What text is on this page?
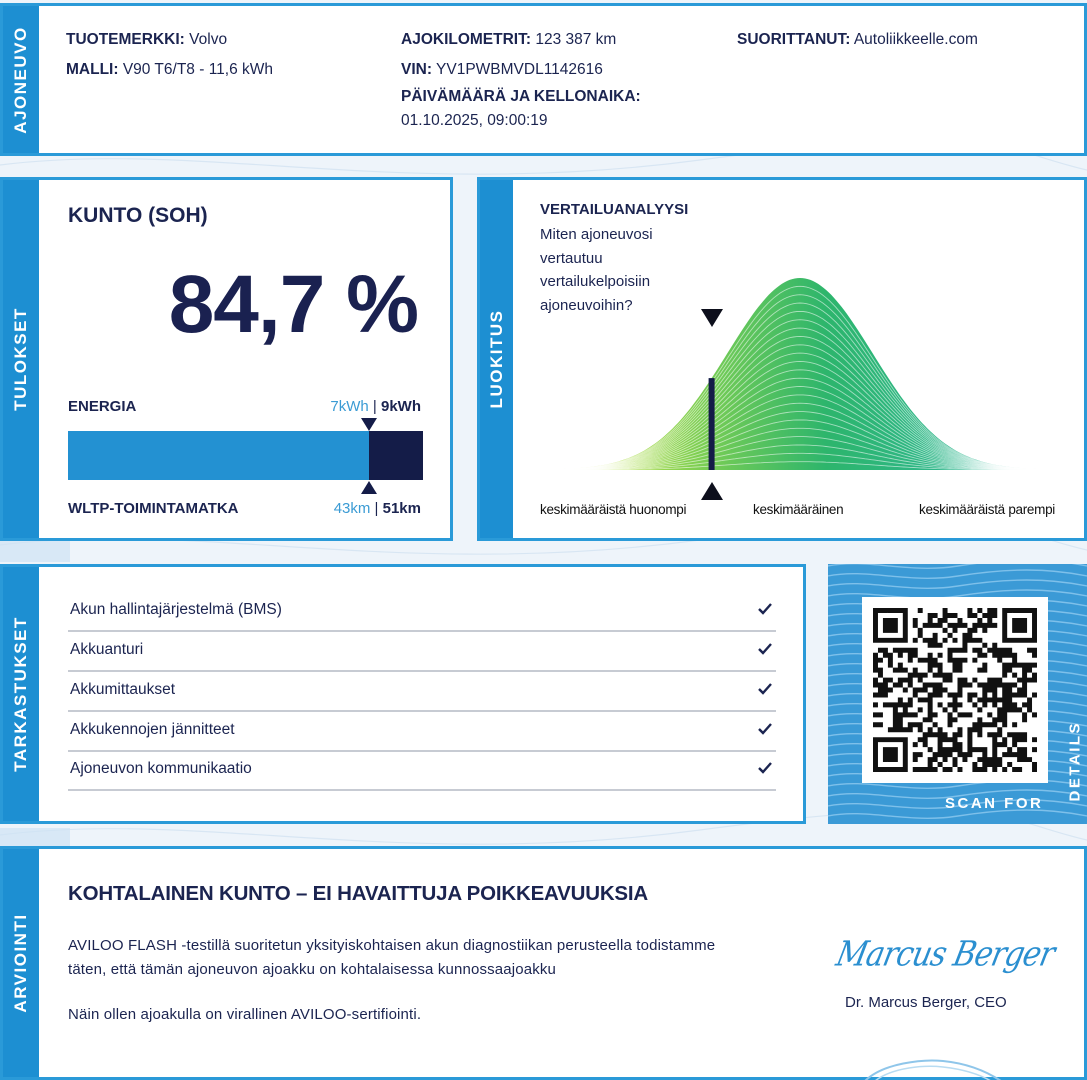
AJONEUVO TUOTEMERKKI: Volvo
MALLI: V90 T6/T8 - 11,6 kWh
AJOKILOMETRIT: 123 387 km
VIN: YV1PWBMVDL1142616
PÄIVÄMÄÄRÄ JA KELLONAIKA:
01.10.2025, 09:00:19
SUORITTANUT: Autoliikkeelle.com
TULOKSET
KUNTO (SOH)
84,7 %
ENERGIA	7kWh | 9kWh
WLTP-TOIMINTAMATKA	43km | 51km
LUOKITUS
VERTAILUANALYYSI
Miten ajoneuvosi
vertautuu
vertailukelpoisiin
ajoneuvoihin?
keskimääräistä huonompi	keskimääräinen	keskimääräistä parempi
TARKASTUKSET
Akun hallintajärjestelmä (BMS)
Akkuanturi
Akkumittaukset
Akkukennojen jännitteet
Ajoneuvon kommunikaatio
SCAN FOR
DETAILS
ARVIOINTI
KOHTALAINEN KUNTO – EI HAVAITTUJA POIKKEAVUUKSIA
AVILOO FLASH -testillä suoritetun yksityiskohtaisen akun diagnostiikan perusteella todistamme
täten, että tämän ajoneuvon ajoakku on kohtalaisessa kunnossaajoakku
Näin ollen ajoakulla on virallinen AVILOO-sertifiointi.
Marcus Berger
Dr. Marcus Berger, CEO
